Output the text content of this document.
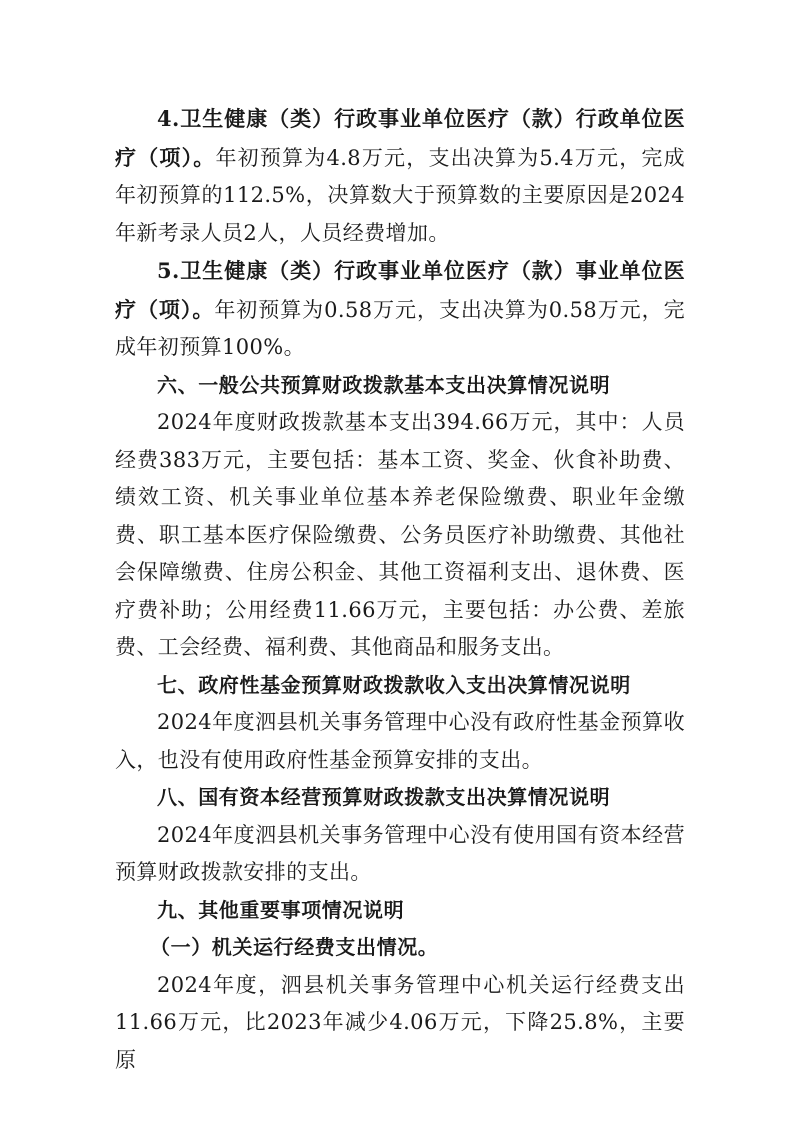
4.卫生健康（类）行政事业单位医疗（款）行政单位医疗（项）。年初预算为4.8万元，支出决算为5.4万元，完成年初预算的112.5%，决算数大于预算数的主要原因是2024年新考录人员2人，人员经费增加。

5.卫生健康（类）行政事业单位医疗（款）事业单位医疗（项）。年初预算为0.58万元，支出决算为0.58万元，完成年初预算100%。

六、一般公共预算财政拨款基本支出决算情况说明

2024年度财政拨款基本支出394.66万元，其中：人员经费383万元，主要包括：基本工资、奖金、伙食补助费、绩效工资、机关事业单位基本养老保险缴费、职业年金缴费、职工基本医疗保险缴费、公务员医疗补助缴费、其他社会保障缴费、住房公积金、其他工资福利支出、退休费、医疗费补助；公用经费11.66万元，主要包括：办公费、差旅费、工会经费、福利费、其他商品和服务支出。

七、政府性基金预算财政拨款收入支出决算情况说明

2024年度泗县机关事务管理中心没有政府性基金预算收入，也没有使用政府性基金预算安排的支出。

八、国有资本经营预算财政拨款支出决算情况说明

2024年度泗县机关事务管理中心没有使用国有资本经营预算财政拨款安排的支出。

九、其他重要事项情况说明

（一）机关运行经费支出情况。

2024年度，泗县机关事务管理中心机关运行经费支出11.66万元，比2023年减少4.06万元，下降25.8%，主要原
